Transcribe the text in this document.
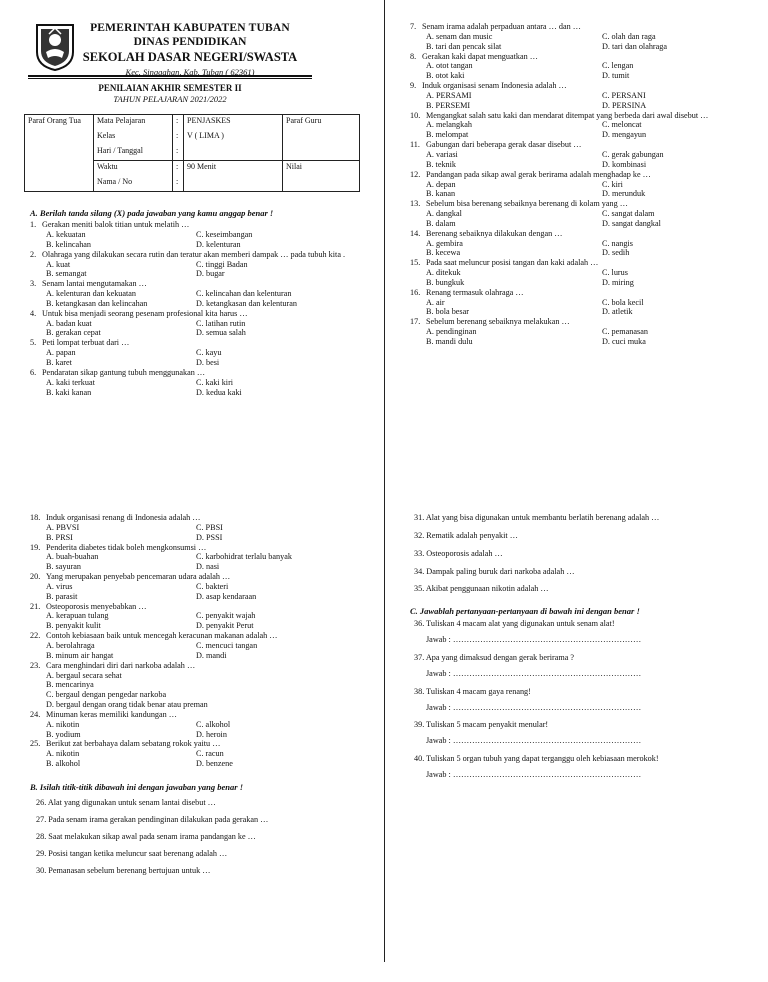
PEMERINTAH KABUPATEN TUBAN
DINAS PENDIDIKAN
SEKOLAH DASAR NEGERI/SWASTA
Kec. Singgahan, Kab. Tuban ( 62361)
PENILAIAN AKHIR SEMESTER II
TAHUN PELAJARAN 2021/2022
Paraf Orang Tua	Mata Pelajaran	:	PENJASKES	Paraf Guru
	Kelas	:	V ( LIMA )	
	Hari / Tanggal	:		
	Waktu	:	90 Menit	Nilai
	Nama / No	:		
A. Berilah tanda silang (X) pada jawaban yang kamu anggap benar !
1. Gerakan meniti balok titian untuk melatih …
A. kekuatan	C. keseimbangan
B. kelincahan	D. kelenturan
2. Olahraga yang dilakukan secara rutin dan teratur akan memberi dampak … pada tubuh kita .
A. kuat	C. tinggi Badan
B. semangat	D. bugar
3. Senam lantai mengutamakan …
A. kelenturan dan kekuatan	C. kelincahan dan kelenturan
B. ketangkasan dan kelincahan	D. ketangkasan dan kelenturan
4. Untuk bisa menjadi seorang pesenam profesional kita harus …
A. badan kuat	C. latihan rutin
B. gerakan cepat	D. semua salah
5. Peti lompat terbuat dari …
A. papan	C. kayu
B. karet	D. besi
6. Pendaratan sikap gantung tubuh menggunakan …
A. kaki terkuat	C. kaki kiri
B. kaki kanan	D. kedua kaki
7. Senam irama adalah perpaduan antara … dan …
A. senam dan music	C. olah dan raga
B. tari dan pencak silat	D. tari dan olahraga
8. Gerakan kaki dapat menguatkan …
A. otot tangan	C. lengan
B. otot kaki	D. tumit
9. Induk organisasi senam Indonesia adalah …
A. PERSAMI	C. PERSANI
B. PERSEMI	D. PERSINA
10. Mengangkat salah satu kaki dan mendarat ditempat yang berbeda dari awal disebut …
A. melangkah	C. meloncat
B. melompat	D. mengayun
11. Gabungan dari beberapa gerak dasar disebut …
A. variasi	C. gerak gabungan
B. teknik	D. kombinasi
12. Pandangan pada sikap awal gerak berirama adalah menghadap ke …
A. depan	C. kiri
B. kanan	D. merunduk
13. Sebelum bisa berenang sebaiknya berenang di kolam yang …
A. dangkal	C. sangat dalam
B. dalam	D. sangat dangkal
14. Berenang sebaiknya dilakukan dengan …
A. gembira	C. nangis
B. kecewa	D. sedih
15. Pada saat meluncur posisi tangan dan kaki adalah …
A. ditekuk	C. lurus
B. bungkuk	D. miring
16. Renang termasuk olahraga …
A. air	C. bola kecil
B. bola besar	D. atletik
17. Sebelum berenang sebaiknya melakukan …
A. pendinginan	C. pemanasan
B. mandi dulu	D. cuci muka
18. Induk organisasi renang di Indonesia adalah …
A. PBVSI	C. PBSI
B. PRSI	D. PSSI
19. Penderita diabetes tidak boleh mengkonsumsi …
A. buah-buahan	C. karbohidrat terlalu banyak
B. sayuran	D. nasi
20. Yang merupakan penyebab pencemaran udara adalah …
A. virus	C. bakteri
B. parasit	D. asap kendaraan
21. Osteoporosis menyebabkan …
A. kerapuan tulang	C. penyakit wajah
B. penyakit kulit	D. penyakit Perut
22. Contoh kebiasaan baik untuk mencegah keracunan makanan adalah …
A. berolahraga	C. mencuci tangan
B. minum air hangat	D. mandi
23. Cara menghindari diri dari narkoba adalah …
A. bergaul secara sehat
B. mencarinya
C. bergaul dengan pengedar narkoba
D. bergaul dengan orang tidak benar atau preman
24. Minuman keras memiliki kandungan …
A. nikotin	C. alkohol
B. yodium	D. heroin
25. Berikut zat berbahaya dalam sebatang rokok yaitu …
A. nikotin	C. racun
B. alkohol	D. benzene
B. Isilah titik-titik dibawah ini dengan jawaban yang benar !
26. Alat yang digunakan untuk senam lantai disebut …
27. Pada senam irama gerakan pendinginan dilakukan pada gerakan …
28. Saat melakukan sikap awal pada senam irama pandangan ke …
29. Posisi tangan ketika meluncur saat berenang adalah …
30. Pemanasan sebelum berenang bertujuan untuk …
31. Alat yang bisa digunakan untuk membantu berlatih berenang adalah …
32. Rematik adalah penyakit …
33. Osteoporosis adalah …
34. Dampak paling buruk dari narkoba adalah …
35. Akibat penggunaan nikotin adalah …
C. Jawablah pertanyaan-pertanyaan di bawah ini dengan benar !
36. Tuliskan 4 macam alat yang digunakan untuk senam alat!
Jawab : ……………………………………………………………
37. Apa yang dimaksud dengan gerak berirama ?
Jawab : ……………………………………………………………
38. Tuliskan 4 macam gaya renang!
Jawab : ……………………………………………………………
39. Tuliskan 5 macam penyakit menular!
Jawab : ……………………………………………………………
40. Tuliskan 5 organ tubuh yang dapat terganggu oleh kebiasaan merokok!
Jawab : ……………………………………………………………
